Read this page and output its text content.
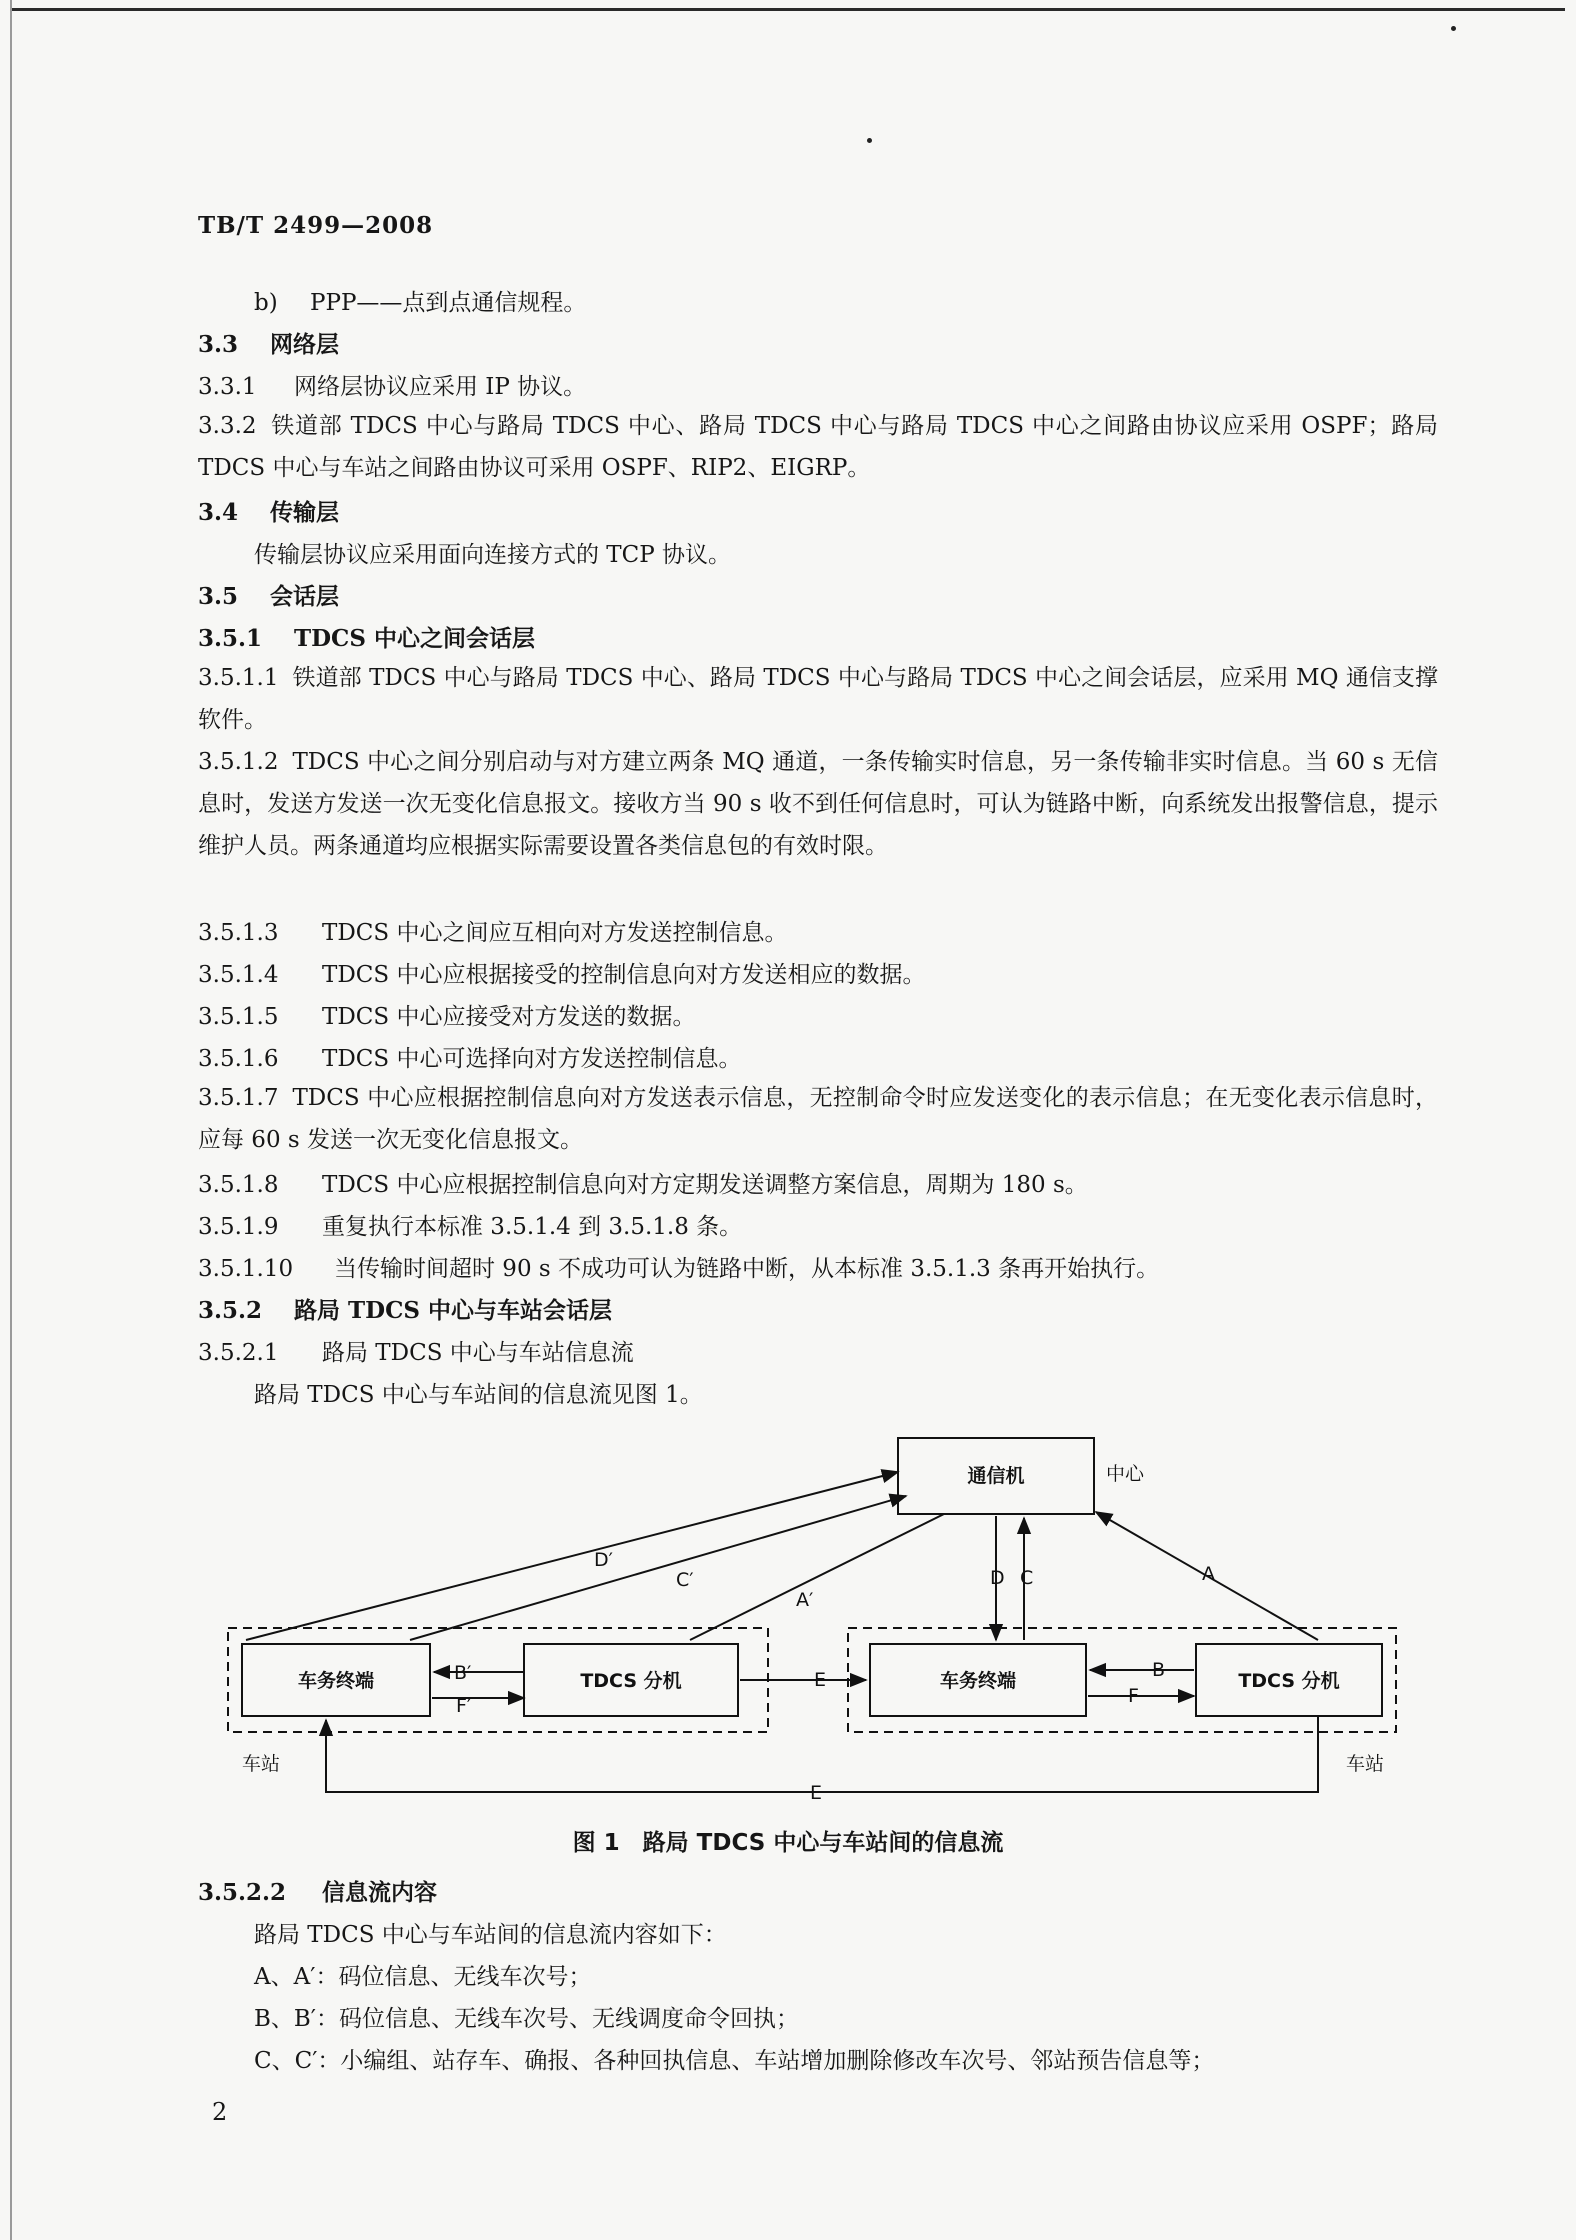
TB/T 2499—2008
b) PPP——点到点通信规程。
3.3 网络层
3.3.1 网络层协议应采用 IP 协议。
3.3.2 铁道部 TDCS 中心与路局 TDCS 中心、路局 TDCS 中心与路局 TDCS 中心之间路由协议应采用 OSPF；路局 TDCS 中心与车站之间路由协议可采用 OSPF、RIP2、EIGRP。
3.4 传输层
传输层协议应采用面向连接方式的 TCP 协议。
3.5 会话层
3.5.1 TDCS 中心之间会话层
3.5.1.1 铁道部 TDCS 中心与路局 TDCS 中心、路局 TDCS 中心与路局 TDCS 中心之间会话层，应采用 MQ 通信支撑软件。
3.5.1.2 TDCS 中心之间分别启动与对方建立两条 MQ 通道，一条传输实时信息，另一条传输非实时信息。当 60 s 无信息时，发送方发送一次无变化信息报文。接收方当 90 s 收不到任何信息时，可认为链路中断，向系统发出报警信息，提示维护人员。两条通道均应根据实际需要设置各类信息包的有效时限。
3.5.1.3 TDCS 中心之间应互相向对方发送控制信息。
3.5.1.4 TDCS 中心应根据接受的控制信息向对方发送相应的数据。
3.5.1.5 TDCS 中心应接受对方发送的数据。
3.5.1.6 TDCS 中心可选择向对方发送控制信息。
3.5.1.7 TDCS 中心应根据控制信息向对方发送表示信息，无控制命令时应发送变化的表示信息；在无变化表示信息时，应每 60 s 发送一次无变化信息报文。
3.5.1.8 TDCS 中心应根据控制信息向对方定期发送调整方案信息，周期为 180 s。
3.5.1.9 重复执行本标准 3.5.1.4 到 3.5.1.8 条。
3.5.1.10 当传输时间超时 90 s 不成功可认为链路中断，从本标准 3.5.1.3 条再开始执行。
3.5.2 路局 TDCS 中心与车站会话层
3.5.2.1 路局 TDCS 中心与车站信息流
路局 TDCS 中心与车站间的信息流见图 1。
通信机
车务终端	TDCS 分机	车务终端	TDCS 分机
中心
车站	车站
D′
C′
A′
D C	A
B′
F′
E	B
F
E
图 1　路局 TDCS 中心与车站间的信息流
3.5.2.2 信息流内容
路局 TDCS 中心与车站间的信息流内容如下：
A、A′：码位信息、无线车次号；
B、B′：码位信息、无线车次号、无线调度命令回执；
C、C′：小编组、站存车、确报、各种回执信息、车站增加删除修改车次号、邻站预告信息等；
2
